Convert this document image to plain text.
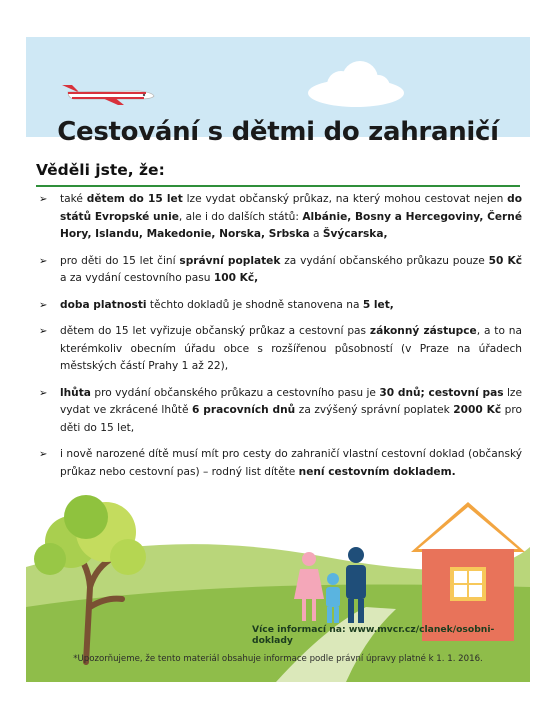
Cestování s dětmi do zahraničí
Věděli jste, že:
➢ také dětem do 15 let lze vydat občanský průkaz, na který mohou cestovat nejen do států Evropské unie, ale i do dalších států: Albánie, Bosny a Hercegoviny, Černé Hory, Islandu, Makedonie, Norska, Srbska a Švýcarska,
➢ pro děti do 15 let činí správní poplatek za vydání občanského průkazu pouze 50 Kč a za vydání cestovního pasu 100 Kč,
➢ doba platnosti těchto dokladů je shodně stanovena na 5 let,
➢ dětem do 15 let vyřizuje občanský průkaz a cestovní pas zákonný zástupce, a to na kterémkoliv obecním úřadu obce s rozšířenou působností (v Praze na úřadech městských částí Prahy 1 až 22),
➢ lhůta pro vydání občanského průkazu a cestovního pasu je 30 dnů; cestovní pas lze vydat ve zkrácené lhůtě 6 pracovních dnů za zvýšený správní poplatek 2000 Kč pro děti do 15 let,
➢ i nově narozené dítě musí mít pro cesty do zahraničí vlastní cestovní doklad (občanský průkaz nebo cestovní pas) – rodný list dítěte není cestovním dokladem.
Více informací na: www.mvcr.cz/clanek/osobni-doklady
*Upozorňujeme, že tento materiál obsahuje informace podle právní úpravy platné k 1. 1. 2016.
